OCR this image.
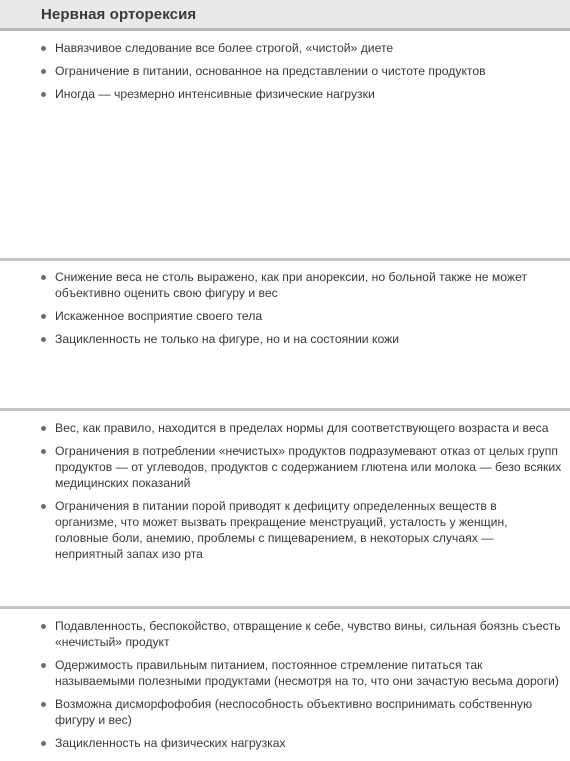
Нервная орторексия
Навязчивое следование все более строгой, «чистой» диете
Ограничение в питании, основанное на представлении о чистоте продуктов
Иногда — чрезмерно интенсивные физические нагрузки
Снижение веса не столь выражено, как при анорексии, но больной также не может объективно оценить свою фигуру и вес
Искаженное восприятие своего тела
Зацикленность не только на фигуре, но и на состоянии кожи
Вес, как правило, находится в пределах нормы для соответствующего возраста и веса
Ограничения в потреблении «нечистых» продуктов подразумевают отказ от целых групп продуктов — от углеводов, продуктов с содержанием глютена или молока — безо всяких медицинских показаний
Ограничения в питании порой приводят к дефициту определенных веществ в организме, что может вызвать прекращение менструаций, усталость у женщин, головные боли, анемию, проблемы с пищеварением, в некоторых случаях — неприятный запах изо рта
Подавленность, беспокойство, отвращение к себе, чувство вины, сильная боязнь съесть «нечистый» продукт
Одержимость правильным питанием, постоянное стремление питаться так называемыми полезными продуктами (несмотря на то, что они зачастую весьма дороги)
Возможна дисморфофобия (неспособность объективно воспринимать собственную фигуру и вес)
Зацикленность на физических нагрузках
